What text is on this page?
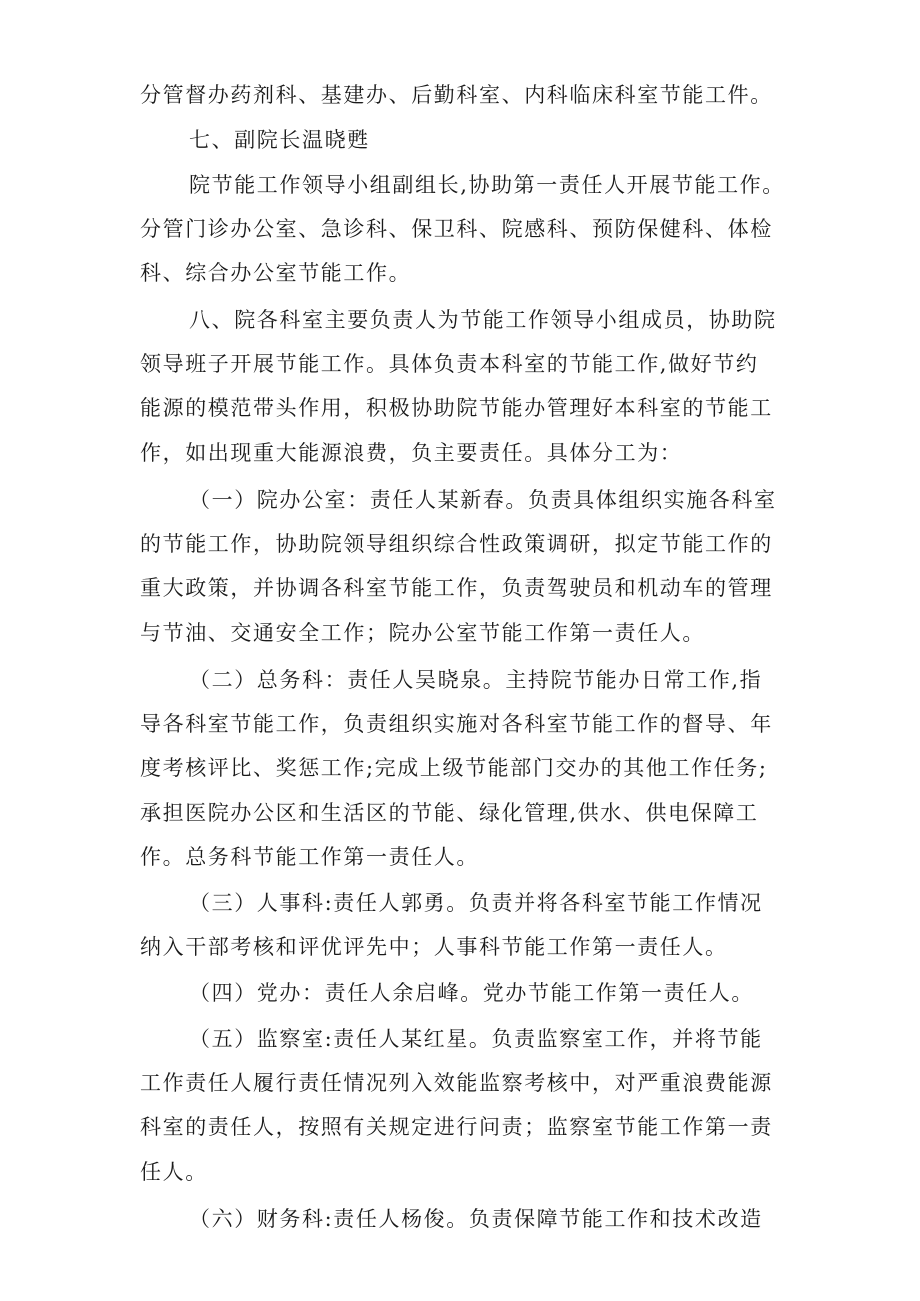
分管督办药剂科、基建办、后勤科室、内科临床科室节能工件。
七、副院长温晓甦
院节能工作领导小组副组长,协助第一责任人开展节能工作。
分管门诊办公室、急诊科、保卫科、院感科、预防保健科、体检
科、综合办公室节能工作。
八、院各科室主要负责人为节能工作领导小组成员，协助院
领导班子开展节能工作。具体负责本科室的节能工作,做好节约
能源的模范带头作用，积极协助院节能办管理好本科室的节能工
作，如出现重大能源浪费，负主要责任。具体分工为：
（一）院办公室：责任人某新春。负责具体组织实施各科室
的节能工作，协助院领导组织综合性政策调研，拟定节能工作的
重大政策，并协调各科室节能工作，负责驾驶员和机动车的管理
与节油、交通安全工作；院办公室节能工作第一责任人。
（二）总务科：责任人吴晓泉。主持院节能办日常工作,指
导各科室节能工作，负责组织实施对各科室节能工作的督导、年
度考核评比、奖惩工作;完成上级节能部门交办的其他工作任务;
承担医院办公区和生活区的节能、绿化管理,供水、供电保障工
作。总务科节能工作第一责任人。
（三）人事科:责任人郭勇。负责并将各科室节能工作情况
纳入干部考核和评优评先中；人事科节能工作第一责任人。
（四）党办：责任人余启峰。党办节能工作第一责任人。
（五）监察室:责任人某红星。负责监察室工作，并将节能
工作责任人履行责任情况列入效能监察考核中，对严重浪费能源
科室的责任人，按照有关规定进行问责；监察室节能工作第一责
任人。
（六）财务科:责任人杨俊。负责保障节能工作和技术改造
